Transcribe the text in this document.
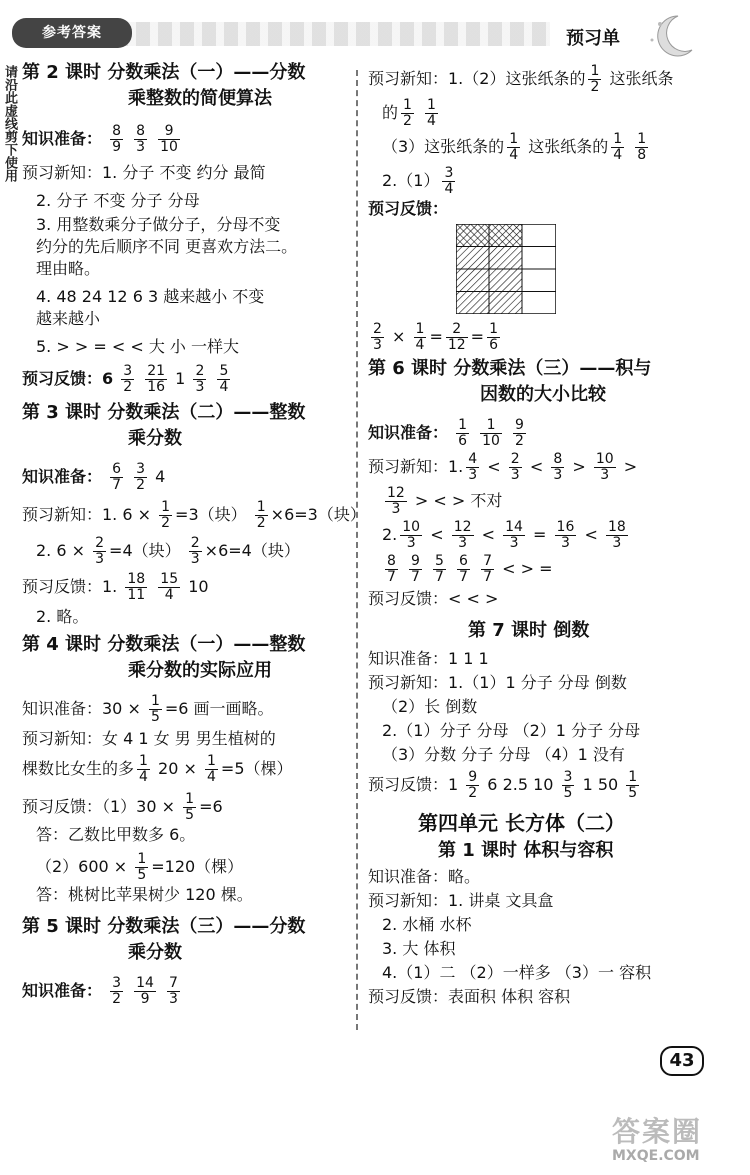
参考答案	预习单
请沿此虚线剪下使用 第 2 课时 分数乘法（一）——分数
乘整数的简便算法
知识准备： $\frac{8}{9}$
$\frac{8}{3}$
$\frac{9}{10}$
预习新知：1. 分子 不变 约分 最简
2. 分子 不变 分子 分母
3. 用整数乘分子做分子，分母不变
约分的先后顺序不同 更喜欢方法二。
理由略。
4. 48 24 12 6 3 越来越小 不变
越来越小
5. > > = < < 大 小 一样大
预习反馈：$6 \frac{3}{2}$
$\frac{21}{16} 1 \frac{2}{3}$
$\frac{5}{4}$
第 3 课时 分数乘法（二）——整数
乘分数
知识准备： $\frac{6}{7}$
$\frac{3}{2} 4$
预习新知：1. $6 \times \frac{1}{2} =3$（块） $\frac{1}{2} \times 6=3$（块）
2. $6 \times \frac{2}{3} =4$（块） $\frac{2}{3} \times 6=4$（块）
预习反馈：1. $\frac{18}{11}$
$\frac{15}{4} 10$
2. 略。
第 4 课时 分数乘法（一）——整数
乘分数的实际应用
知识准备：$30 \times \frac{1}{5} =6$ 画一画略。
预习新知：女 4 1 女 男 男生植树的
棵数比女生的多 $\frac{1}{4} 20 \times \frac{1}{4} =5$（棵）
预习反馈：$(1)30 \times \frac{1}{5} =6$
答：乙数比甲数多 6。
$(2)600 \times \frac{1}{5} =120$（棵）
答：桃树比苹果树少 120 棵。
第 5 课时 分数乘法（三）——分数
乘分数
知识准备： $\frac{3}{2}$
$\frac{14}{9}$
$\frac{7}{3}$
预习新知：1.（2）这张纸条的 $\frac{1}{2}$ 这张纸条
的 $\frac{1}{2}$
$\frac{1}{4}$
（3）这张纸条的 $\frac{1}{4}$ 这张纸条的 $\frac{1}{4}$
$\frac{1}{8}$
$2.(1) \frac{3}{4}$
预习反馈：
$\frac{2}{3} \times \frac{1}{4} = \frac{2}{12} = \frac{1}{6}$
第 6 课时 分数乘法（三）——积与
因数的大小比较
知识准备： $\frac{1}{6}$
$\frac{1}{10}$
$\frac{9}{2}$
预习新知：1. $\frac{4}{3} < \frac{2}{3} < \frac{8}{3} > \frac{10}{3}$ >
$\frac{12}{3}$ > < > 不对
2. $\frac{10}{3} < \frac{12}{3} < \frac{14}{3} = \frac{16}{3} < \frac{18}{3}$
$\frac{8}{7}$
$\frac{9}{7}$
$\frac{5}{7}$
$\frac{6}{7}$
$\frac{7}{7}$ < > =
预习反馈：< < >
第 7 课时 倒数
知识准备：1 1 1
预习新知：1.（1）1 分子 分母 倒数
（2）长 倒数
2.（1）分子 分母 （2）1 分子 分母
（3）分数 分子 分母 （4）1 没有
预习反馈：$1 \frac{9}{2} 6$ 2.5 $10 \frac{3}{5} 1$ $50 \frac{1}{5}$
第四单元 长方体（二）
第 1 课时 体积与容积
知识准备：略。
预习新知：1. 讲桌 文具盒
2. 水桶 水杯
3. 大 体积
4.（1）二 （2）一样多 （3）一 容积
预习反馈：表面积 体积 容积
43
答案圈
MXQE.COM
